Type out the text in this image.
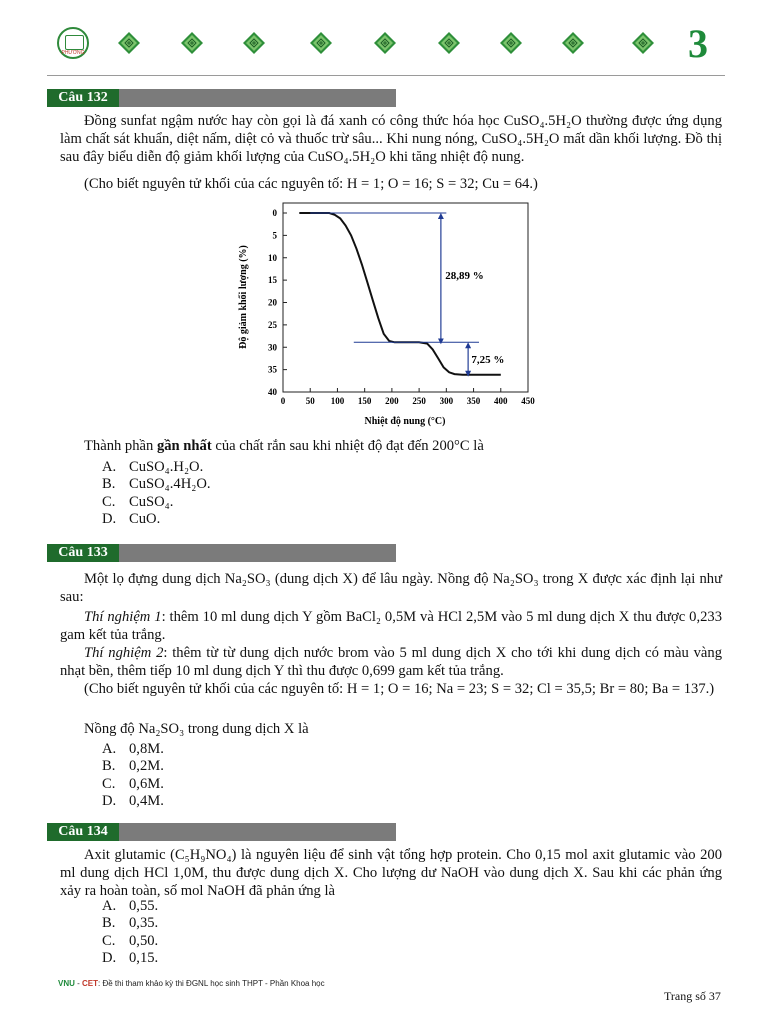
PHƯƠNG	3
Câu 132
Đồng sunfat ngậm nước hay còn gọi là đá xanh có công thức hóa học CuSO₄.5H₂O thường được ứng dụng làm chất sát khuẩn, diệt nấm, diệt cỏ và thuốc trừ sâu... Khi nung nóng, CuSO₄.5H₂O mất dần khối lượng. Đồ thị sau đây biểu diễn độ giảm khối lượng của CuSO₄.5H₂O khi tăng nhiệt độ nung.
(Cho biết nguyên tử khối của các nguyên tố: H = 1; O = 16; S = 32; Cu = 64.)
0 50 100 150 200 250 300 350 400 450
0
5
10
15
20
25
30
35
40
28,89 %
7,25 %
Nhiệt độ nung (°C)
Độ giảm khối lượng (%)
Thành phần gần nhất của chất rắn sau khi nhiệt độ đạt đến 200°C là
A. CuSO₄.H₂O.
B. CuSO₄.4H₂O.
C. CuSO₄.
D. CuO.
Câu 133
Một lọ đựng dung dịch Na₂SO₃ (dung dịch X) để lâu ngày. Nồng độ Na₂SO₃ trong X được xác định lại như sau:
Thí nghiệm 1: thêm 10 ml dung dịch Y gồm BaCl₂ 0,5M và HCl 2,5M vào 5 ml dung dịch X thu được 0,233 gam kết tủa trắng.
Thí nghiệm 2: thêm từ từ dung dịch nước brom vào 5 ml dung dịch X cho tới khi dung dịch có màu vàng nhạt bền, thêm tiếp 10 ml dung dịch Y thì thu được 0,699 gam kết tủa trắng.
(Cho biết nguyên tử khối của các nguyên tố: H = 1; O = 16; Na = 23; S = 32; Cl = 35,5; Br = 80; Ba = 137.)
Nồng độ Na₂SO₃ trong dung dịch X là
A. 0,8M.
B. 0,2M.
C. 0,6M.
D. 0,4M.
Câu 134
Axit glutamic (C₅H₉NO₄) là nguyên liệu để sinh vật tổng hợp protein. Cho 0,15 mol axit glutamic vào 200 ml dung dịch HCl 1,0M, thu được dung dịch X. Cho lượng dư NaOH vào dung dịch X. Sau khi các phản ứng xảy ra hoàn toàn, số mol NaOH đã phản ứng là
A. 0,55.
B. 0,35.
C. 0,50.
D. 0,15.
VNU - CET: Đề thi tham khảo kỳ thi ĐGNL học sinh THPT - Phần Khoa học
Trang số 37
